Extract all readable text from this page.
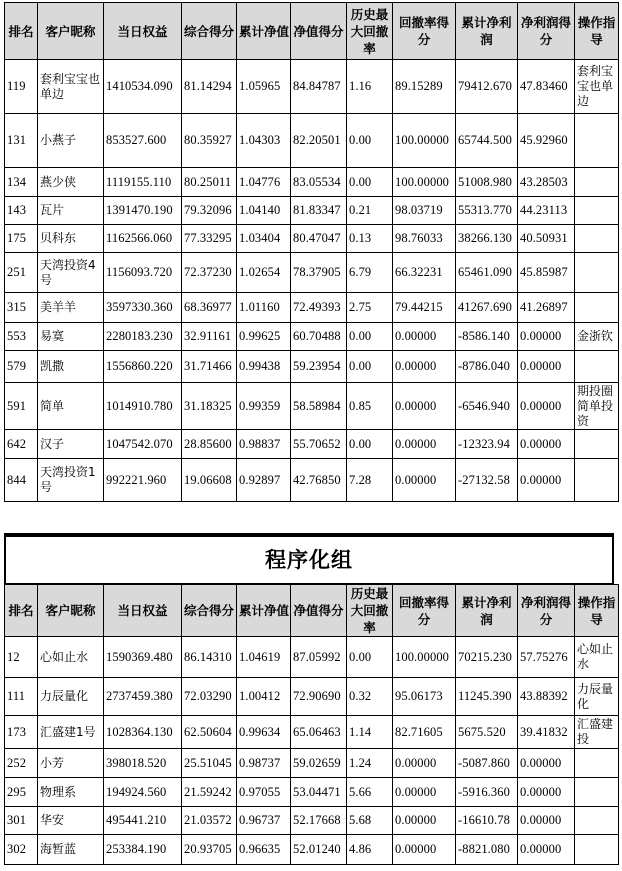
排名	客户昵称	当日权益	综合得分	累计净值	净值得分	历史最大回撤率	回撤率得分	累计净利润	净利润得分	操作指导
119	套利宝宝也单边	1410534.090	81.14294	1.05965	84.84787	1.16	89.15289	79412.670	47.83460	套利宝宝也单边
131	小燕子	853527.600	80.35927	1.04303	82.20501	0.00	100.00000	65744.500	45.92960	
134	燕少侠	1119155.110	80.25011	1.04776	83.05534	0.00	100.00000	51008.980	43.28503	
143	瓦片	1391470.190	79.32096	1.04140	81.83347	0.21	98.03719	55313.770	44.23113	
175	贝科东	1162566.060	77.33295	1.03404	80.47047	0.13	98.76033	38266.130	40.50931	
251	天湾投资4号	1156093.720	72.37230	1.02654	78.37905	6.79	66.32231	65461.090	45.85987	
315	美羊羊	3597330.360	68.36977	1.01160	72.49393	2.75	79.44215	41267.690	41.26897	
553	易寞	2280183.230	32.91161	0.99625	60.70488	0.00	0.00000	-8586.140	0.00000	金浙钦
579	凯撒	1556860.220	31.71466	0.99438	59.23954	0.00	0.00000	-8786.040	0.00000	
591	简单	1014910.780	31.18325	0.99359	58.58984	0.85	0.00000	-6546.940	0.00000	期投圈简单投资
642	汉子	1047542.070	28.85600	0.98837	55.70652	0.00	0.00000	-12323.94	0.00000	
844	天湾投资1号	992221.960	19.06608	0.92897	42.76850	7.28	0.00000	-27132.58	0.00000	
程序化组
排名	客户昵称	当日权益	综合得分	累计净值	净值得分	历史最大回撤率	回撤率得分	累计净利润	净利润得分	操作指导
12	心如止水	1590369.480	86.14310	1.04619	87.05992	0.00	100.00000	70215.230	57.75276	心如止水
111	力辰量化	2737459.380	72.03290	1.00412	72.90690	0.32	95.06173	11245.390	43.88392	力辰量化
173	汇盛建1号	1028364.130	62.50604	0.99634	65.06463	1.14	82.71605	5675.520	39.41832	汇盛建投
252	小芳	398018.520	25.51045	0.98737	59.02659	1.24	0.00000	-5087.860	0.00000	
295	物理系	194924.560	21.59242	0.97055	53.04471	5.66	0.00000	-5916.360	0.00000	
301	华安	495441.210	21.03572	0.96737	52.17668	5.68	0.00000	-16610.78	0.00000	
302	海暂蓝	253384.190	20.93705	0.96635	52.01240	4.86	0.00000	-8821.080	0.00000	
